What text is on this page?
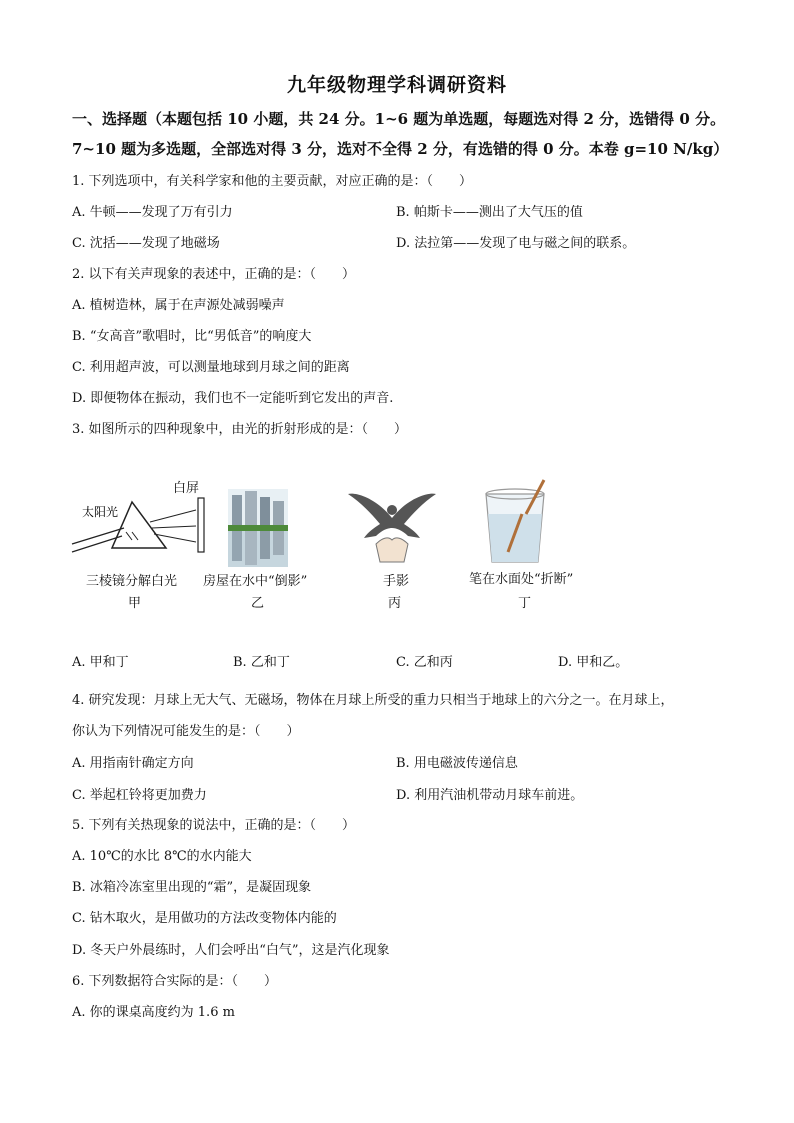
九年级物理学科调研资料
一、选择题（本题包括 10 小题，共 24 分。1~6 题为单选题，每题选对得 2 分，选错得 0 分。
7~10 题为多选题，全部选对得 3 分，选对不全得 2 分，有选错的得 0 分。本卷 g=10 N/kg）
1. 下列选项中，有关科学家和他的主要贡献，对应正确的是：（　　）
A. 牛顿——发现了万有引力	B. 帕斯卡——测出了大气压的值
C. 沈括——发现了地磁场	D. 法拉第——发现了电与磁之间的联系。
2. 以下有关声现象的表述中，正确的是：（　　）
A. 植树造林，属于在声源处减弱噪声
B. “女高音”歌唱时，比“男低音”的响度大
C. 利用超声波，可以测量地球到月球之间的距离
D. 即便物体在振动，我们也不一定能听到它发出的声音.
3. 如图所示的四种现象中，由光的折射形成的是：（　　）
太阳光
白屏
三棱镜分解白光 房屋在水中“倒影”	手影	笔在水面处“折断”
甲	乙	丙	丁
A. 甲和丁	B. 乙和丁	C. 乙和丙	D. 甲和乙。
4. 研究发现：月球上无大气、无磁场，物体在月球上所受的重力只相当于地球上的六分之一。在月球上，
你认为下列情况可能发生的是：（　　）
A. 用指南针确定方向	B. 用电磁波传递信息
C. 举起杠铃将更加费力	D. 利用汽油机带动月球车前进。
5. 下列有关热现象的说法中，正确的是：（　　）
A. 10℃的水比 8℃的水内能大
B. 冰箱冷冻室里出现的“霜”，是凝固现象
C. 钻木取火，是用做功的方法改变物体内能的
D. 冬天户外晨练时，人们会呼出“白气”，这是汽化现象
6. 下列数据符合实际的是：（　　）
A. 你的课桌高度约为 1.6 m
